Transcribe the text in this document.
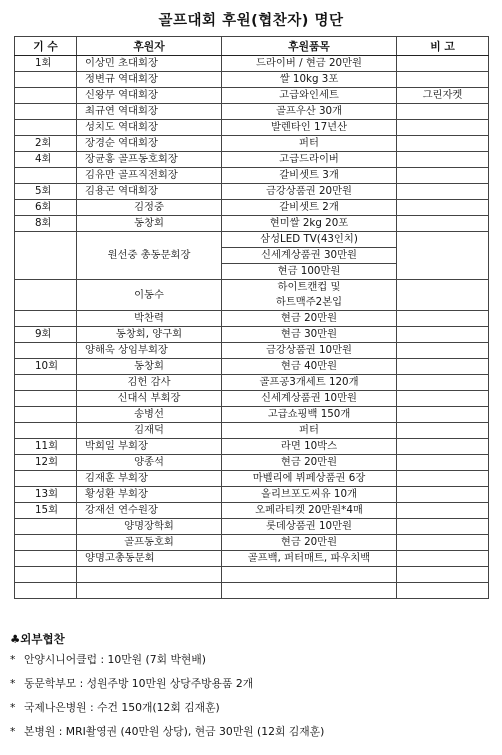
골프대회 후원(협찬자) 명단
기 수	후원자	후원품목	비 고
1회	이상민 초대회장	드라이버 / 현금 20만원	
	정변규 역대회장	쌀 10kg 3포	
	신왕무 역대회장	고급와인세트	그린자켓
	최규연 역대회장	골프우산 30개	
	성치도 역대회장	발렌타인 17년산	
2회	장경순 역대회장	퍼터	
4회	장균홍 골프동호회장	고급드라이버	
	김유만 골프직전회장	갈비셋트 3개	
5회	김용곤 역대회장	금강상품권 20만원	
6회	김정중	갈비셋트 2개	
8회	동창회	현미쌀 2kg 20포	
	원선중 총동문회장	삼성LED TV(43인치)	
		신세계상품권 30만원	
		현금 100만원	
	이동수	하이트캔컵 및	
		하트맥주2본입	
	박찬력	현금 20만원	
9회	동창회, 양구회	현금 30만원	
	양해욱 상임부회장	금강상품권 10만원	
10회	동창회	현금 40만원	
	김헌 감사	골프공3개세트 120개	
	신대식 부회장	신세계상품권 10만원	
	송병선	고급쇼핑백 150개	
	김재덕	퍼터	
11회	박희일 부회장	라면 10박스	
12회	양종석	현금 20만원	
	김재훈 부회장	마벨리에 뷔페상품권 6장	
13회	황성환 부회장	올리브포도씨유 10개	
15회	강재선 연수원장	오페라티켓 20만원*4매	
	양명장학회	롯데상품권 10만원	
	골프동호회	현금 20만원	
	양명고총동문회	골프백, 퍼터매트, 파우치백	

♣외부협찬
* 안양시니어클럽 : 10만원 (7회 박현배)
* 동문학부모 : 성원주방 10만원 상당주방용품 2개
* 국제나은병원 : 수건 150개(12회 김재훈)
* 본병원 : MRI촬영권 (40만원 상당), 현금 30만원 (12회 김재훈)
